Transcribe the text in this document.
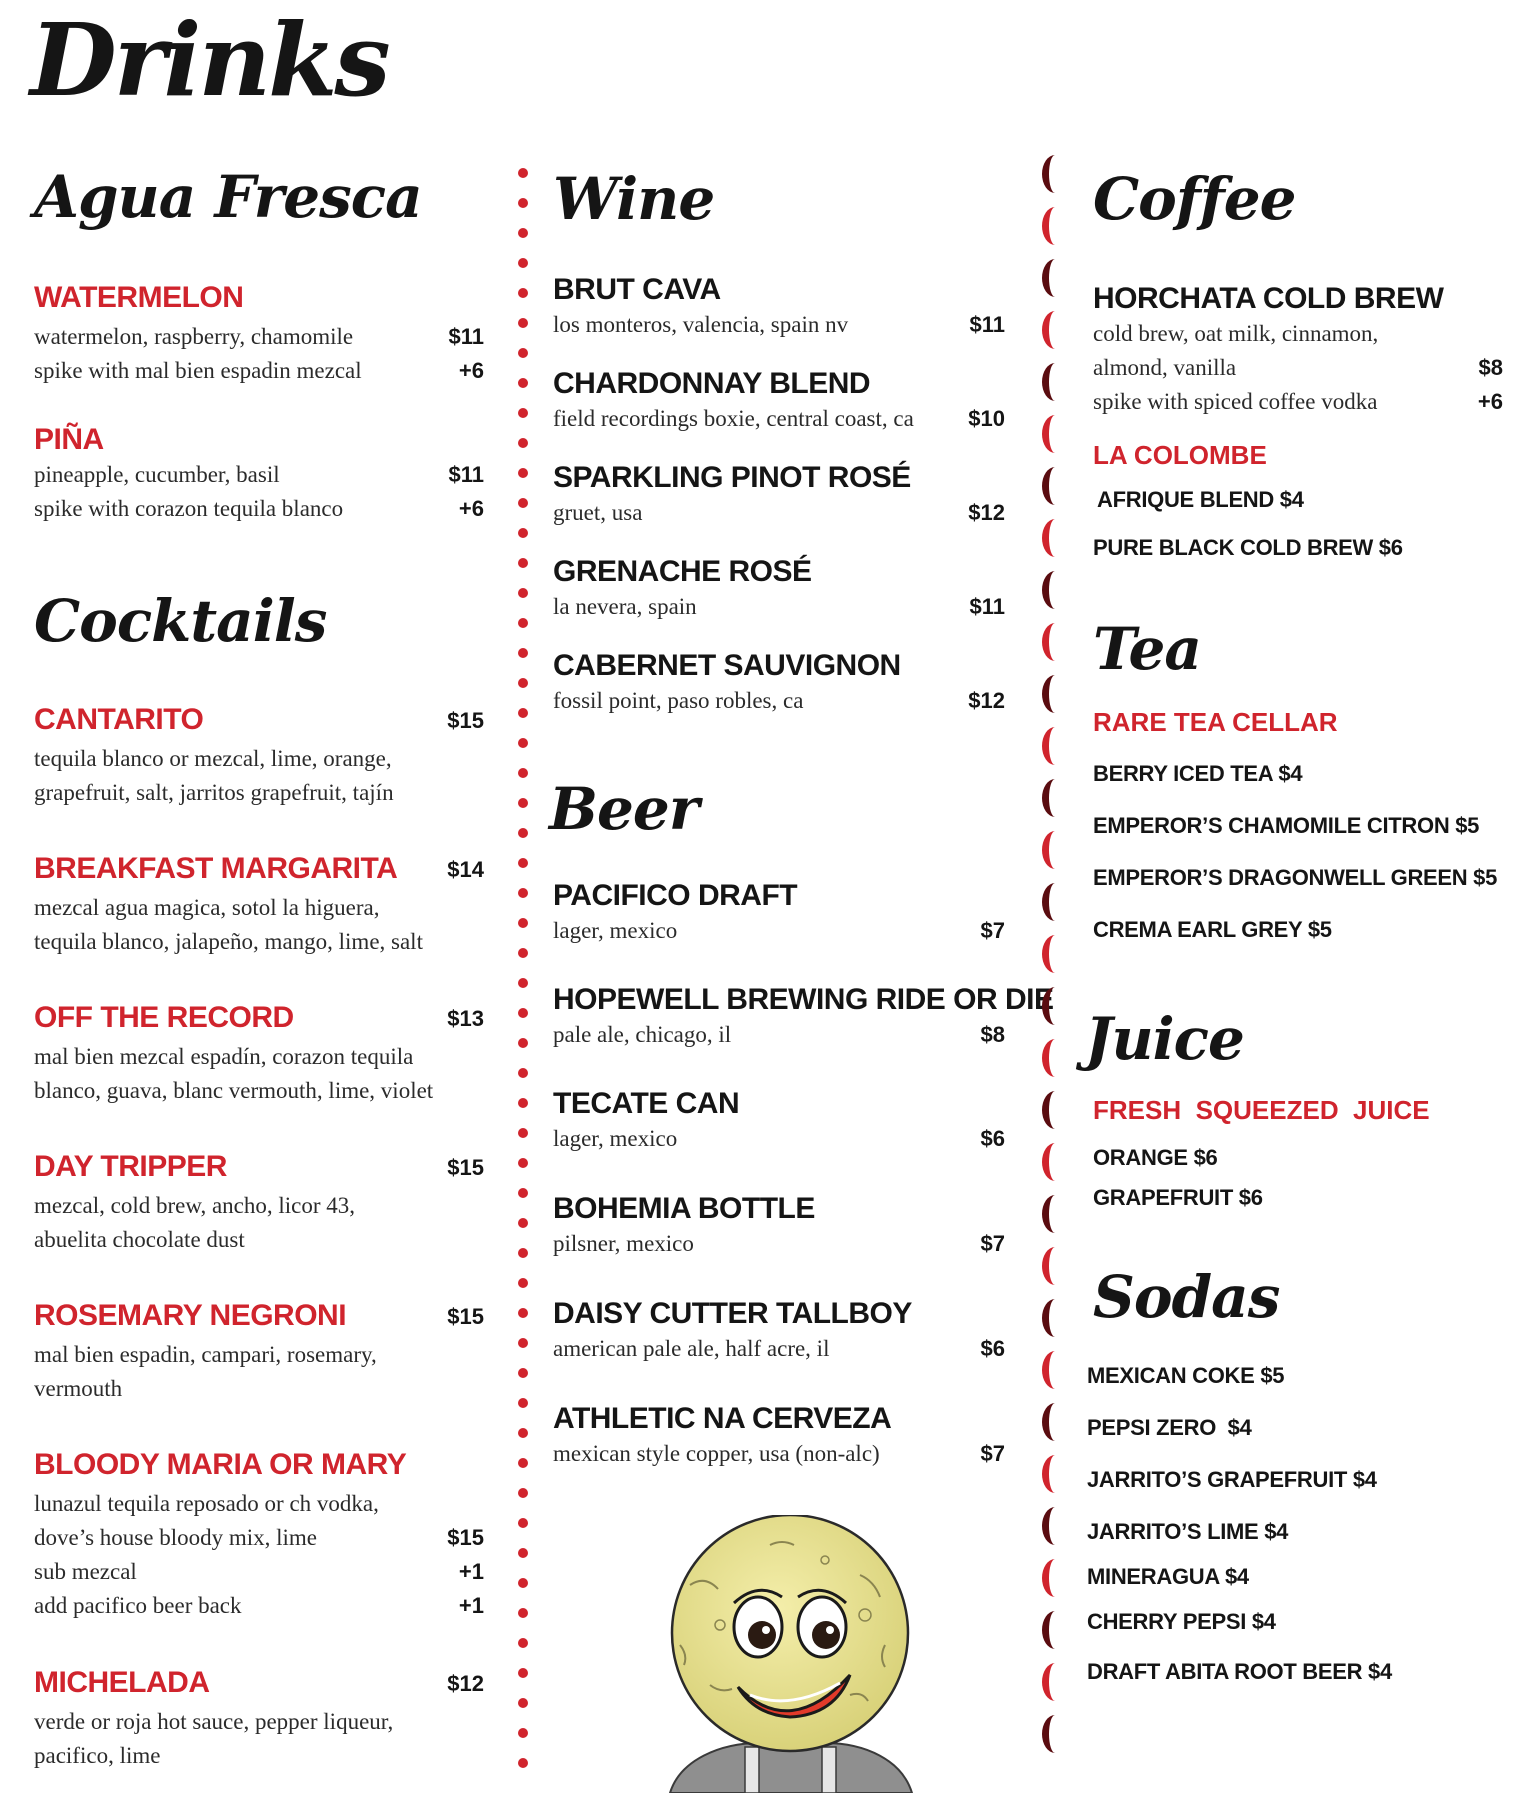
Drinks
Agua Fresca
WATERMELON
watermelon, raspberry, chamomile	$11
spike with mal bien espadin mezcal	+6
PIÑA
pineapple, cucumber, basil	$11
spike with corazon tequila blanco	+6
Cocktails
CANTARITO	$15
tequila blanco or mezcal, lime, orange,
grapefruit, salt, jarritos grapefruit, tajín
BREAKFAST MARGARITA	$14
mezcal agua magica, sotol la higuera,
tequila blanco, jalapeño, mango, lime, salt
OFF THE RECORD	$13
mal bien mezcal espadín, corazon tequila
blanco, guava, blanc vermouth, lime, violet
DAY TRIPPER	$15
mezcal, cold brew, ancho, licor 43,
abuelita chocolate dust
ROSEMARY NEGRONI	$15
mal bien espadin, campari, rosemary,
vermouth
BLOODY MARIA OR MARY
lunazul tequila reposado or ch vodka,
dove’s house bloody mix, lime	$15
sub mezcal	+1
add pacifico beer back	+1
MICHELADA	$12
verde or roja hot sauce, pepper liqueur,
pacifico, lime
Wine
BRUT CAVA
los monteros, valencia, spain nv	$11
CHARDONNAY BLEND
field recordings boxie, central coast, ca $10
SPARKLING PINOT ROSÉ
gruet, usa	$12
GRENACHE ROSÉ
la nevera, spain	$11
CABERNET SAUVIGNON
fossil point, paso robles, ca	$12
Beer
PACIFICO DRAFT
lager, mexico	$7
HOPEWELL BREWING RIDE OR DIE
pale ale, chicago, il	$8
TECATE CAN
lager, mexico	$6
BOHEMIA BOTTLE
pilsner, mexico	$7
DAISY CUTTER TALLBOY
american pale ale, half acre, il	$6
ATHLETIC NA CERVEZA
mexican style copper, usa (non-alc)	$7
Coffee
HORCHATA COLD BREW
cold brew, oat milk, cinnamon,
almond, vanilla	$8
spike with spiced coffee vodka	+6
LA COLOMBE
AFRIQUE BLEND $4
PURE BLACK COLD BREW $6
Tea
RARE TEA CELLAR
BERRY ICED TEA $4
EMPEROR’S CHAMOMILE CITRON $5
EMPEROR’S DRAGONWELL GREEN $5
CREMA EARL GREY $5
Juice
FRESH  SQUEEZED  JUICE
ORANGE $6
GRAPEFRUIT $6
Sodas
MEXICAN COKE $5
PEPSI ZERO  $4
JARRITO’S GRAPEFRUIT $4
JARRITO’S LIME $4
MINERAGUA $4
CHERRY PEPSI $4
DRAFT ABITA ROOT BEER $4
